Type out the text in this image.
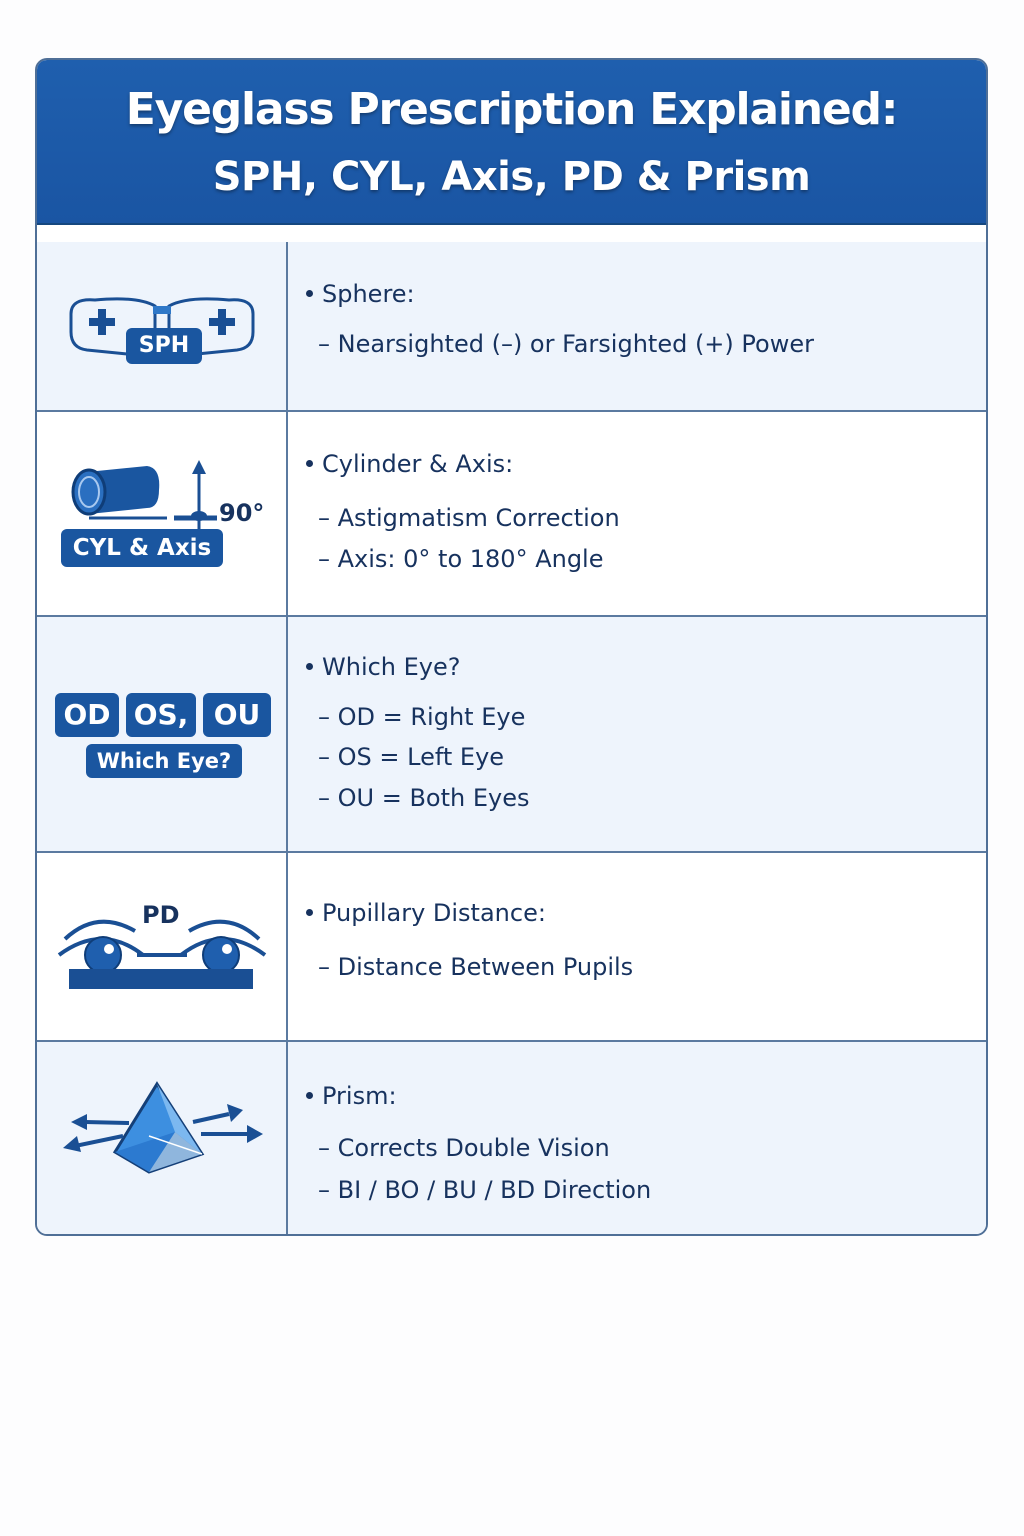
Eyeglass Prescription Explained:
SPH, CYL, Axis, PD & Prism
SPH
Sphere:
– Nearsighted (–) or Farsighted (+) Power
90°
CYL & Axis
Cylinder & Axis:
– Astigmatism Correction
– Axis: 0° to 180° Angle
OD OS, OU
Which Eye?
Which Eye?
– OD = Right Eye
– OS = Left Eye
– OU = Both Eyes
PD	Pupillary Distance:
– Distance Between Pupils
Prism:
– Corrects Double Vision
– BI / BO / BU / BD Direction
